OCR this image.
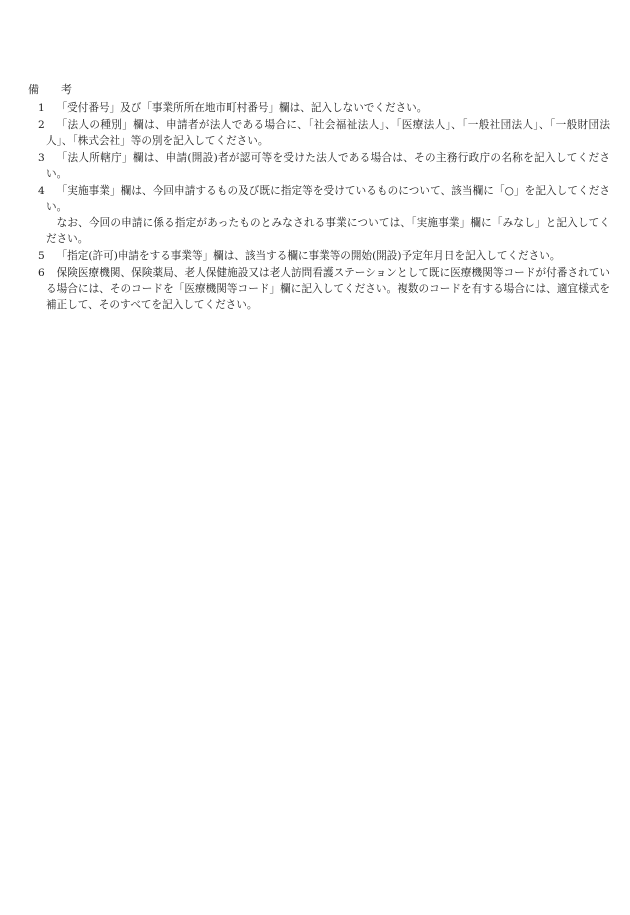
備　　考
1	「受付番号」及び「事業所所在地市町村番号」欄は、記入しないでください。
2	「法人の種別」欄は、申請者が法人である場合に、「社会福祉法人」、「医療法人」、「一般社団法人」、「一般財団法人」、「株式会社」等の別を記入してください。
3	「法人所轄庁」欄は、申請(開設)者が認可等を受けた法人である場合は、その主務行政庁の名称を記入してください。
4	「実施事業」欄は、今回申請するもの及び既に指定等を受けているものについて、該当欄に「○」を記入してください。
なお、今回の申請に係る指定があったものとみなされる事業については、「実施事業」欄に「みなし」と記入してください。
5	「指定(許可)申請をする事業等」欄は、該当する欄に事業等の開始(開設)予定年月日を記入してください。
6	保険医療機関、保険薬局、老人保健施設又は老人訪問看護ステーションとして既に医療機関等コードが付番されている場合には、そのコードを「医療機関等コード」欄に記入してください。複数のコードを有する場合には、適宜様式を補正して、そのすべてを記入してください。
